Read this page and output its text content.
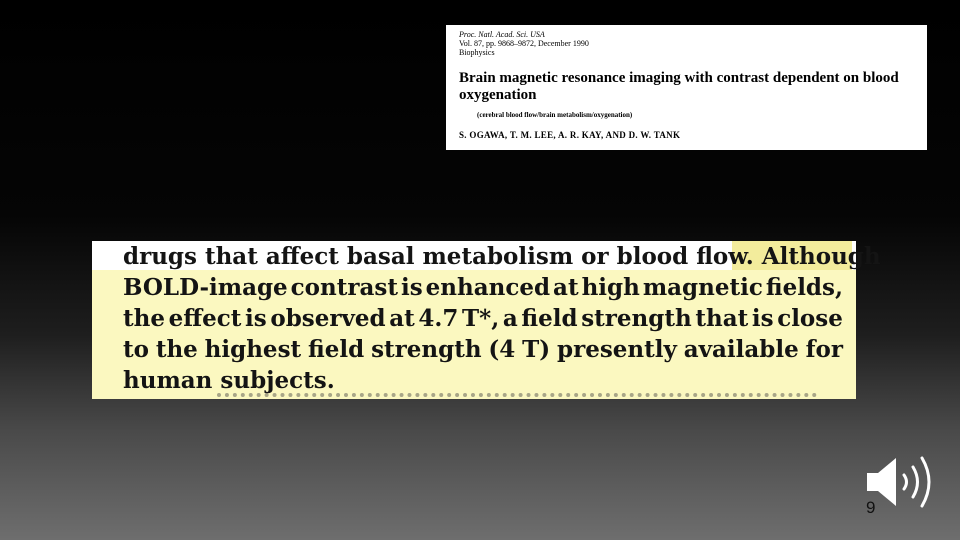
Proc. Natl. Acad. Sci. USA
Vol. 87, pp. 9868–9872, December 1990
Biophysics
Brain magnetic resonance imaging with contrast dependent on blood oxygenation
(cerebral blood flow/brain metabolism/oxygenation)
S. OGAWA, T. M. LEE, A. R. KAY, AND D. W. TANK
drugs that affect basal metabolism or blood flow. Although
BOLD-image contrast is enhanced at high magnetic fields,
the effect is observed at 4.7 T*, a field strength that is close
to the highest field strength (4 T) presently available for
human subjects.
9
